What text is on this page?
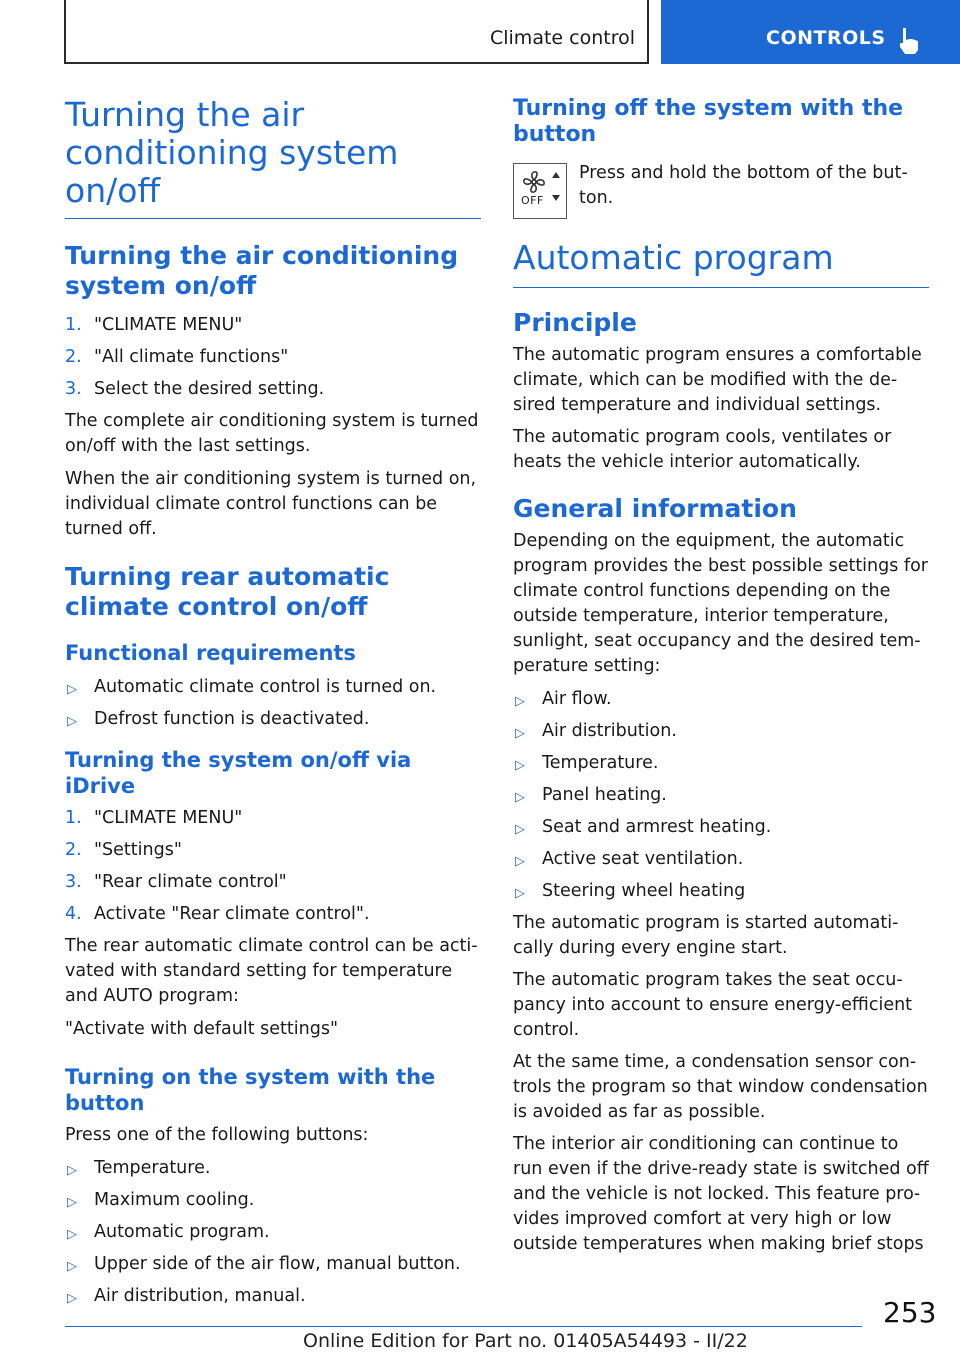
Climate control	CONTROLS
Turning the air conditioning system on/off
Turning the air conditioning system on/off
1. "CLIMATE MENU"
2. "All climate functions"
3. Select the desired setting.

The complete air conditioning system is turned on/off with the last settings.

When the air conditioning system is turned on, individual climate control functions can be turned off.

Turning rear automatic climate control on/off
Functional requirements
▷ Automatic climate control is turned on.
▷ Defrost function is deactivated.
Turning the system on/off via iDrive
1. "CLIMATE MENU"
2. "Settings"
3. "Rear climate control"
4. Activate "Rear climate control".

The rear automatic climate control can be activated with standard setting for temperature and AUTO program:

"Activate with default settings"

Turning on the system with the button

Press one of the following buttons:

▷ Temperature.
▷ Maximum cooling.
▷ Automatic program.
▷ Upper side of the air flow, manual button.
▷ Air distribution, manual.
Turning off the system with the button
OFF

Press and hold the bottom of the button.

Automatic program
Principle

The automatic program ensures a comfortable climate, which can be modified with the desired temperature and individual settings.

The automatic program cools, ventilates or heats the vehicle interior automatically.

General information

Depending on the equipment, the automatic program provides the best possible settings for climate control functions depending on the outside temperature, interior temperature, sunlight, seat occupancy and the desired temperature setting:

▷ Air flow.
▷ Air distribution.
▷ Temperature.
▷ Panel heating.
▷ Seat and armrest heating.
▷ Active seat ventilation.
▷ Steering wheel heating

The automatic program is started automatically during every engine start.

The automatic program takes the seat occupancy into account to ensure energy-efficient control.

At the same time, a condensation sensor controls the program so that window condensation is avoided as far as possible.

The interior air conditioning can continue to run even if the drive-ready state is switched off and the vehicle is not locked. This feature provides improved comfort at very high or low outside temperatures when making brief stops

253
Online Edition for Part no. 01405A54493 - II/22
